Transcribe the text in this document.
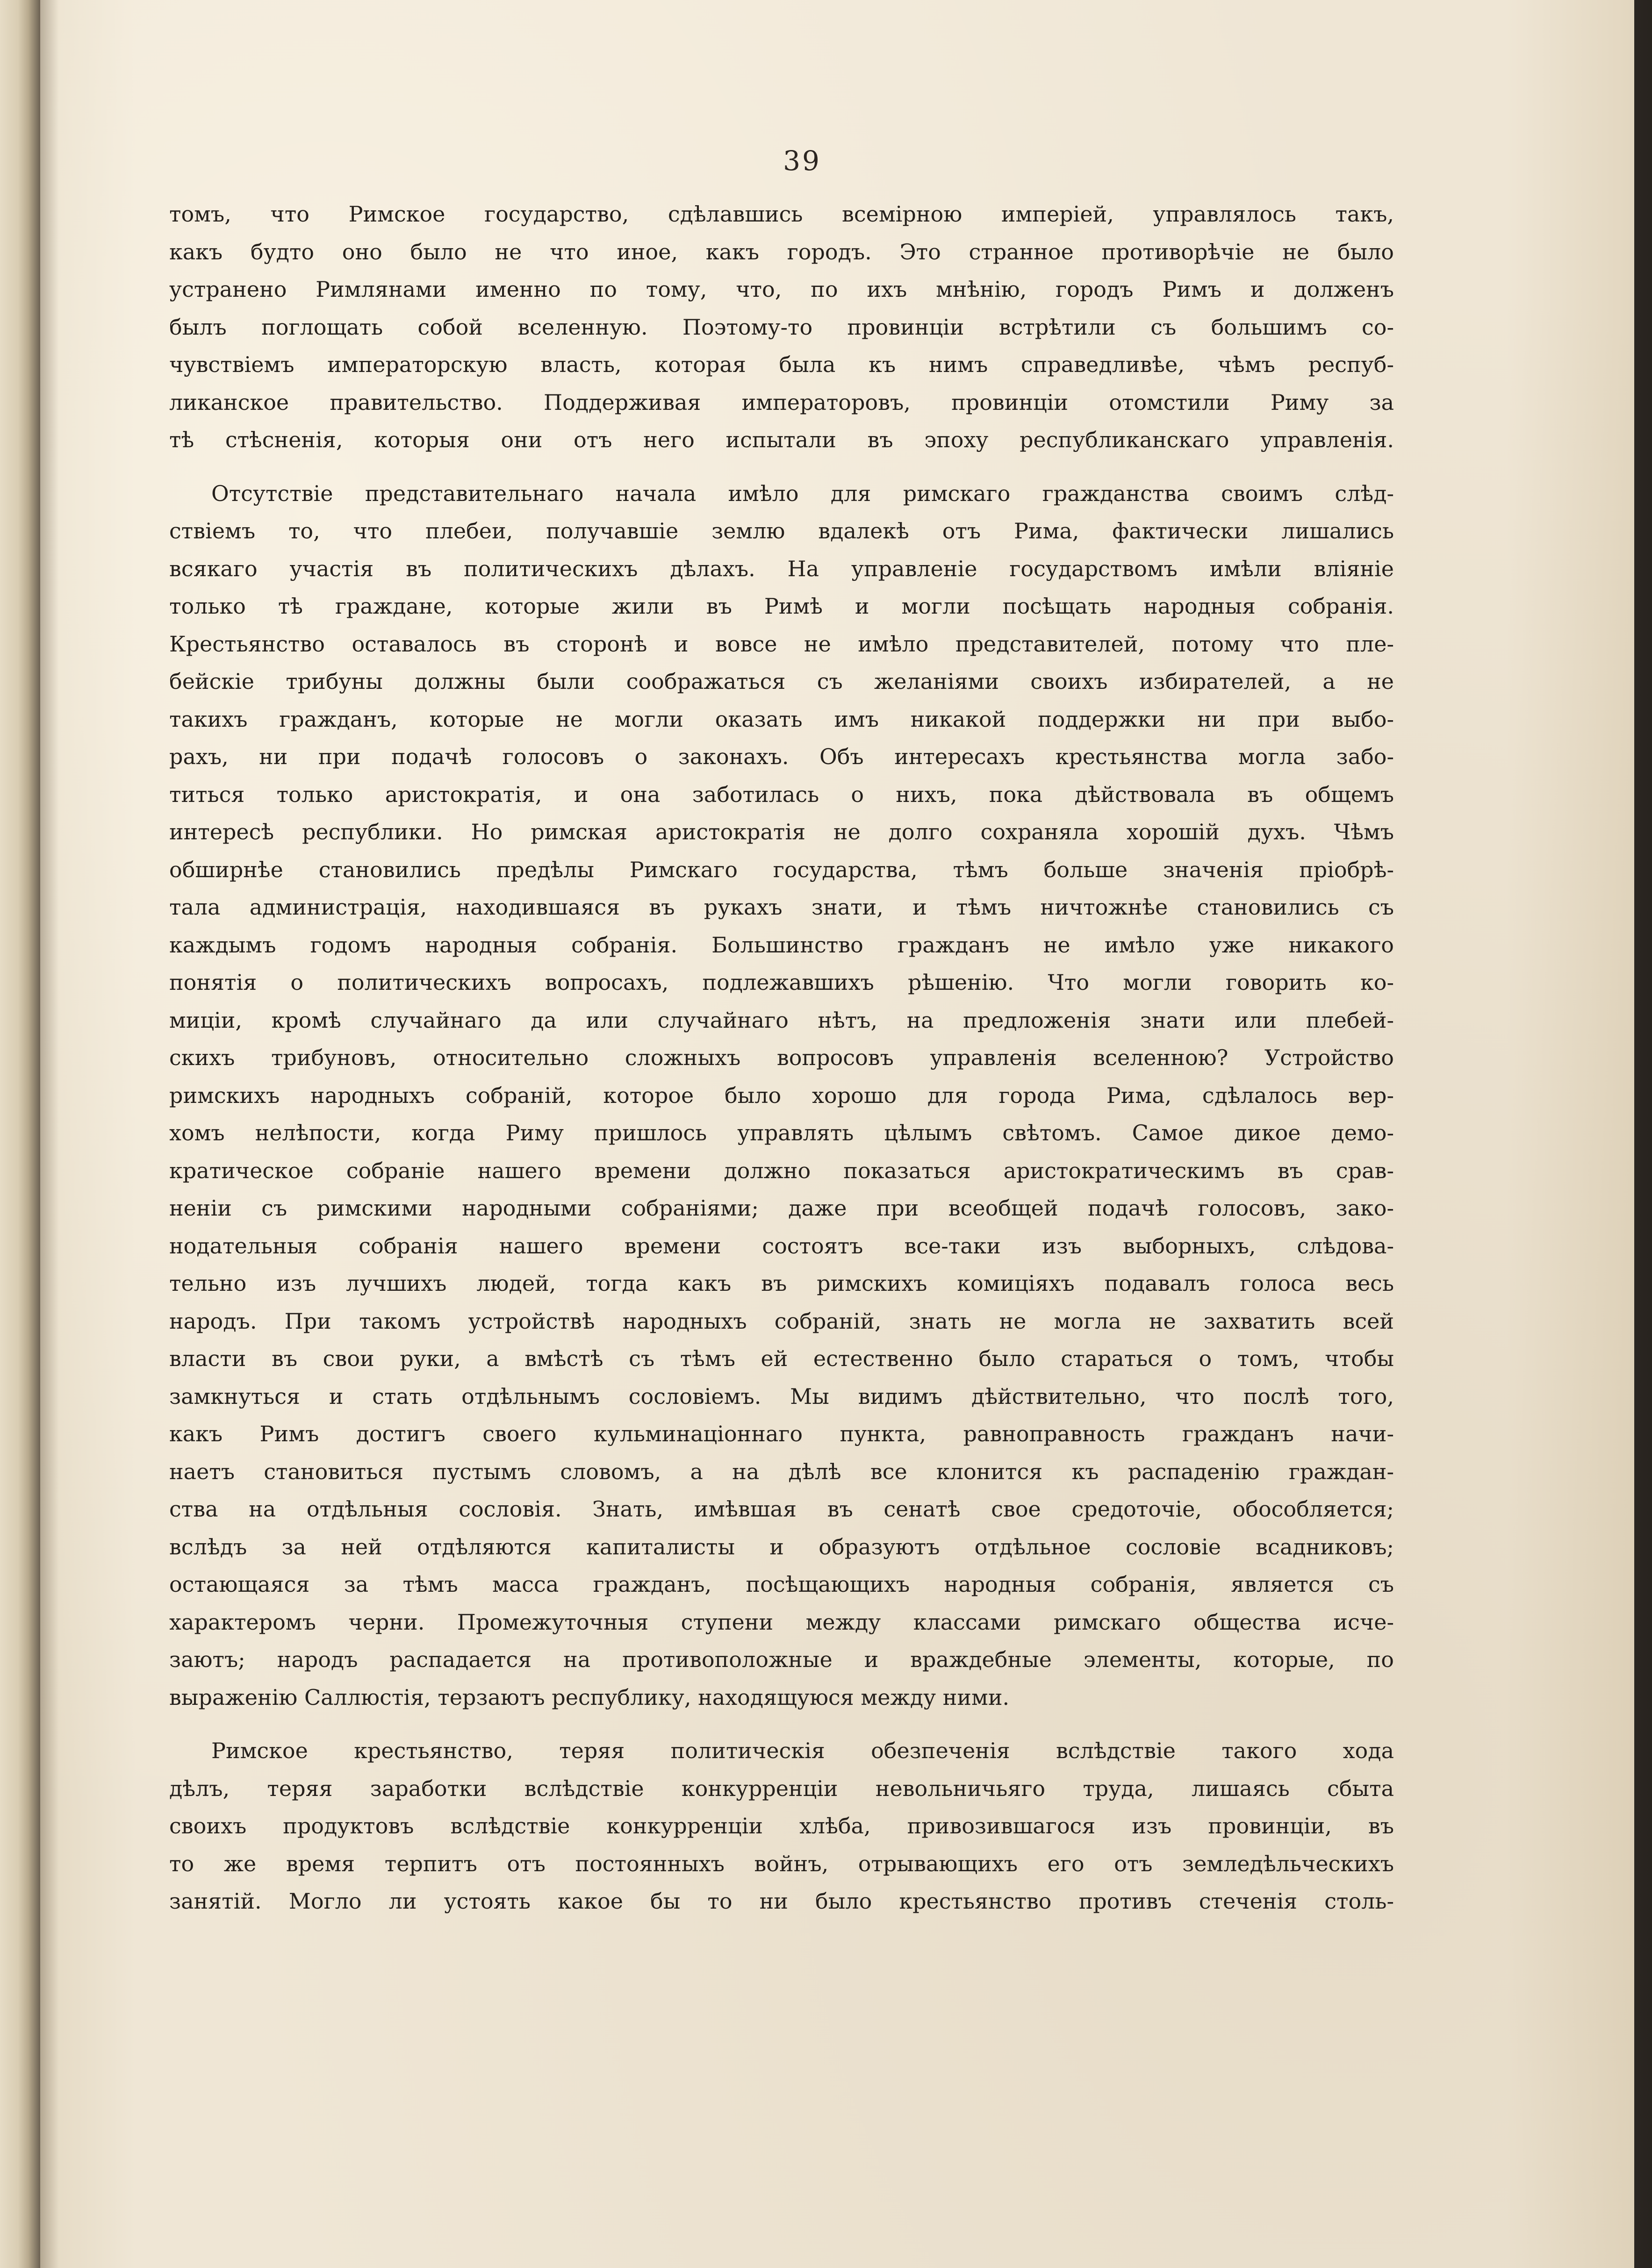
39
томъ, что Римское государство, сдѣлавшись всемірною имперіей, управлялось такъ,
какъ будто оно было не что иное, какъ городъ. Это странное противорѣчіе не было
устранено Римлянами именно по тому, что, по ихъ мнѣнію, городъ Римъ и долженъ
былъ поглощать собой вселенную. Поэтому-то провинціи встрѣтили съ большимъ со-
чувствіемъ императорскую власть, которая была къ нимъ справедливѣе, чѣмъ респуб-
ликанское правительство. Поддерживая императоровъ, провинціи отомстили Риму за
тѣ стѣсненія, которыя они отъ него испытали въ эпоху республиканскаго управленія.
Отсутствіе представительнаго начала имѣло для римскаго гражданства своимъ слѣд-
ствіемъ то, что плебеи, получавшіе землю вдалекѣ отъ Рима, фактически лишались
всякаго участія въ политическихъ дѣлахъ. На управленіе государствомъ имѣли вліяніе
только тѣ граждане, которые жили въ Римѣ и могли посѣщать народныя собранія.
Крестьянство оставалось въ сторонѣ и вовсе не имѣло представителей, потому что пле-
бейскіе трибуны должны были соображаться съ желаніями своихъ избирателей, а не
такихъ гражданъ, которые не могли оказать имъ никакой поддержки ни при выбо-
рахъ, ни при подачѣ голосовъ о законахъ. Объ интересахъ крестьянства могла забо-
титься только аристократія, и она заботилась о нихъ, пока дѣйствовала въ общемъ
интересѣ республики. Но римская аристократія не долго сохраняла хорошій духъ. Чѣмъ
обширнѣе становились предѣлы Римскаго государства, тѣмъ больше значенія пріобрѣ-
тала администрація, находившаяся въ рукахъ знати, и тѣмъ ничтожнѣе становились съ
каждымъ годомъ народныя собранія. Большинство гражданъ не имѣло уже никакого
понятія о политическихъ вопросахъ, подлежавшихъ рѣшенію. Что могли говорить ко-
миціи, кромѣ случайнаго да или случайнаго нѣтъ, на предложенія знати или плебей-
скихъ трибуновъ, относительно сложныхъ вопросовъ управленія вселенною? Устройство
римскихъ народныхъ собраній, которое было хорошо для города Рима, сдѣлалось вер-
хомъ нелѣпости, когда Риму пришлось управлять цѣлымъ свѣтомъ. Самое дикое демо-
кратическое собраніе нашего времени должно показаться аристократическимъ въ срав-
неніи съ римскими народными собраніями; даже при всеобщей подачѣ голосовъ, зако-
нодательныя собранія нашего времени состоятъ все-таки изъ выборныхъ, слѣдова-
тельно изъ лучшихъ людей, тогда какъ въ римскихъ комиціяхъ подавалъ голоса весь
народъ. При такомъ устройствѣ народныхъ собраній, знать не могла не захватить всей
власти въ свои руки, а вмѣстѣ съ тѣмъ ей естественно было стараться о томъ, чтобы
замкнуться и стать отдѣльнымъ сословіемъ. Мы видимъ дѣйствительно, что послѣ того,
какъ Римъ достигъ своего кульминаціоннаго пункта, равноправность гражданъ начи-
наетъ становиться пустымъ словомъ, а на дѣлѣ все клонится къ распаденію граждан-
ства на отдѣльныя сословія. Знать, имѣвшая въ сенатѣ свое средоточіе, обособляется;
вслѣдъ за ней отдѣляются капиталисты и образуютъ отдѣльное сословіе всадниковъ;
остающаяся за тѣмъ масса гражданъ, посѣщающихъ народныя собранія, является съ
характеромъ черни. Промежуточныя ступени между классами римскаго общества исче-
заютъ; народъ распадается на противоположные и враждебные элементы, которые, по
выраженію Саллюстія, терзаютъ республику, находящуюся между ними.
Римское крестьянство, теряя политическія обезпеченія вслѣдствіе такого хода
дѣлъ, теряя заработки вслѣдствіе конкурренціи невольничьяго труда, лишаясь сбыта
своихъ продуктовъ вслѣдствіе конкурренціи хлѣба, привозившагося изъ провинціи, въ
то же время терпитъ отъ постоянныхъ войнъ, отрывающихъ его отъ земледѣльческихъ
занятій. Могло ли устоять какое бы то ни было крестьянство противъ стеченія столь-
